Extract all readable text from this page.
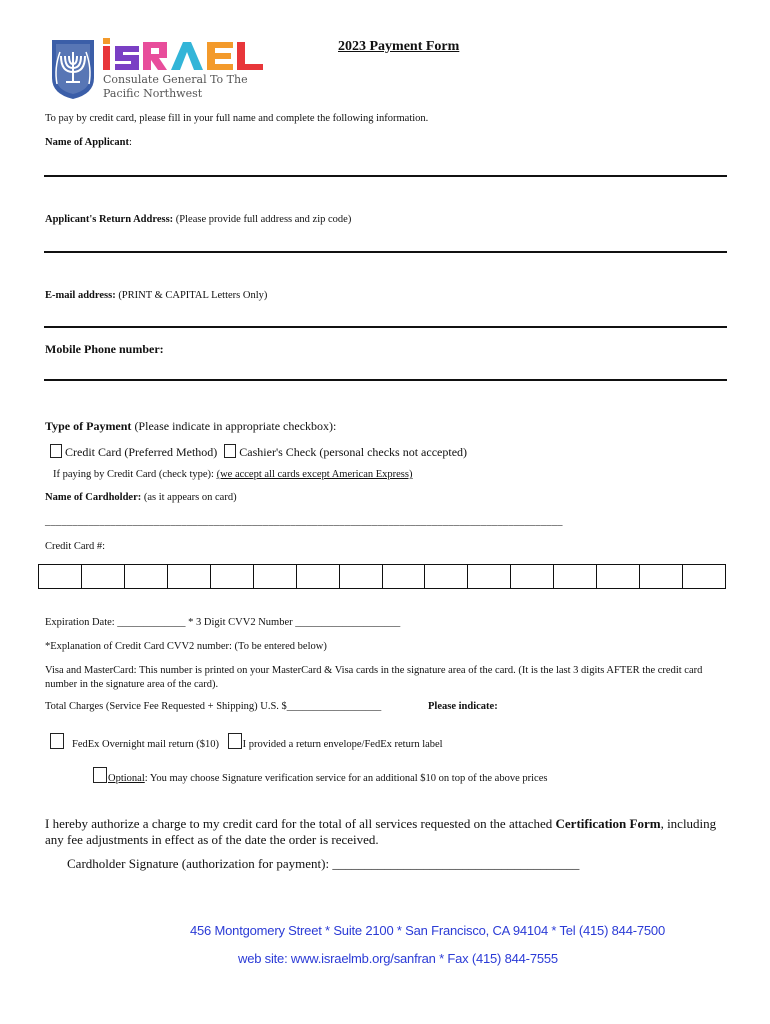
Consulate General To The
Pacific Northwest
2023 Payment Form
To pay by credit card, please fill in your full name and complete the following information.
Name of Applicant:
Applicant's Return Address: (Please provide full address and zip code)
E-mail address: (PRINT & CAPITAL Letters Only)
Mobile Phone number:
Type of Payment (Please indicate in appropriate checkbox):
Credit Card (Preferred Method) Cashier's Check (personal checks not accepted)
If paying by Credit Card (check type): (we accept all cards except American Express)
Name of Cardholder: (as it appears on card)
_______________________________________________________________________________________________
Credit Card #:
Expiration Date: _____________ * 3 Digit CVV2 Number ____________________
*Explanation of Credit Card CVV2 number: (To be entered below)
Visa and MasterCard: This number is printed on your MasterCard & Visa cards in the signature area of the card. (It is the last 3 digits AFTER the credit card number in the signature area of the card).
Total Charges (Service Fee Requested + Shipping) U.S. $__________________	Please indicate:
FedEx Overnight mail return ($10) I provided a return envelope/FedEx return label
Optional: You may choose Signature verification service for an additional $10 on top of the above prices
I hereby authorize a charge to my credit card for the total of all services requested on the attached Certification Form, including any fee adjustments in effect as of the date the order is received.
Cardholder Signature (authorization for payment): ______________________________________
456 Montgomery Street * Suite 2100 * San Francisco, CA 94104 * Tel (415) 844-7500
web site: www.israelmb.org/sanfran * Fax (415) 844-7555
